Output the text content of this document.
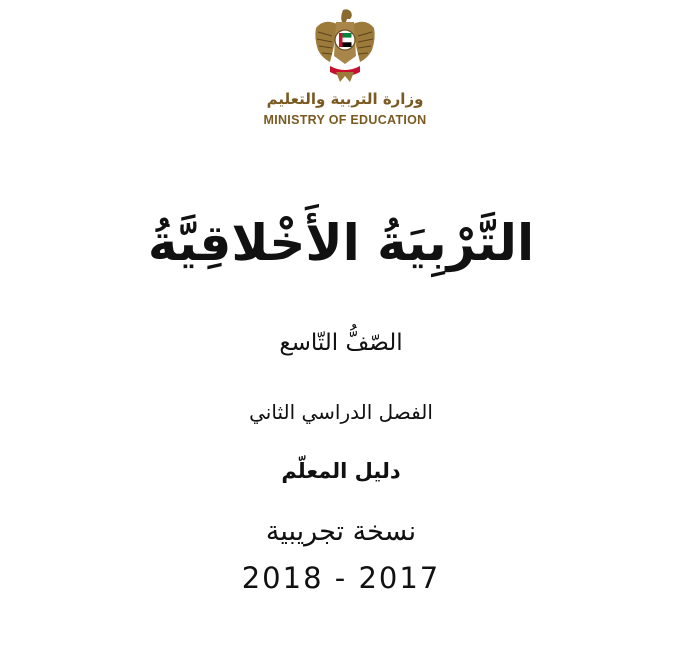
وزارة التربية والتعليم
MINISTRY OF EDUCATION
التَّرْبِيَةُ الأَخْلاقِيَّةُ
الصّفُّ التّاسع
الفصل الدراسي الثاني
دليل المعلّم
نسخة تجريبية
2018 - 2017
